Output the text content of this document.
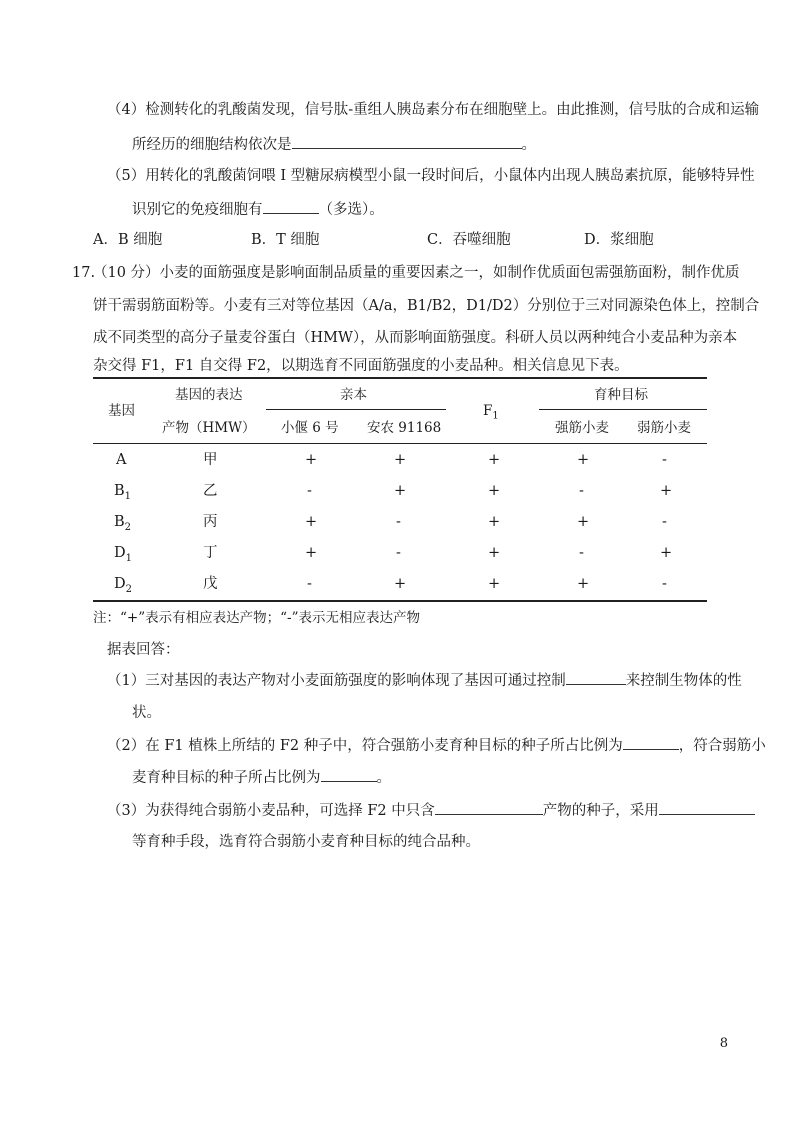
（4）检测转化的乳酸菌发现，信号肽-重组人胰岛素分布在细胞壁上。由此推测，信号肽的合成和运输
所经历的细胞结构依次是	。
（5）用转化的乳酸菌饲喂 I 型糖尿病模型小鼠一段时间后，小鼠体内出现人胰岛素抗原，能够特异性
识别它的免疫细胞有	（多选）。
A．B 细胞	B．T 细胞	C．吞噬细胞	D．浆细胞
17.
（10 分）小麦的面筋强度是影响面制品质量的重要因素之一，如制作优质面包需强筋面粉，制作优质
饼干需弱筋面粉等。小麦有三对等位基因（A/a，B1/B2，D1/D2）分别位于三对同源染色体上，控制合
成不同类型的高分子量麦谷蛋白（HMW），从而影响面筋强度。科研人员以两种纯合小麦品种为亲本
杂交得 F1，F1 自交得 F2，以期选育不同面筋强度的小麦品种。相关信息见下表。
基因
基因的表达
产物（HMW）
亲本
小偃 6 号 安农 91168
$F_1$
育种目标
强筋小麦 弱筋小麦
A	甲	+	+	+	+	-
$B_1$	乙	-	+	+	-	+
$B_2$	丙	+	-	+	+	-
$D_1$	丁	+	-	+	-	+
$D_2$	戊	-	+	+	+	-
注：“+”表示有相应表达产物；“-”表示无相应表达产物
据表回答：
（1）三对基因的表达产物对小麦面筋强度的影响体现了基因可通过控制	来控制生物体的性
状。
（2）在 F1 植株上所结的 F2 种子中，符合强筋小麦育种目标的种子所占比例为	，符合弱筋小
麦育种目标的种子所占比例为	。
（3）为获得纯合弱筋小麦品种，可选择 F2 中只含	产物的种子，采用
等育种手段，选育符合弱筋小麦育种目标的纯合品种。
8
